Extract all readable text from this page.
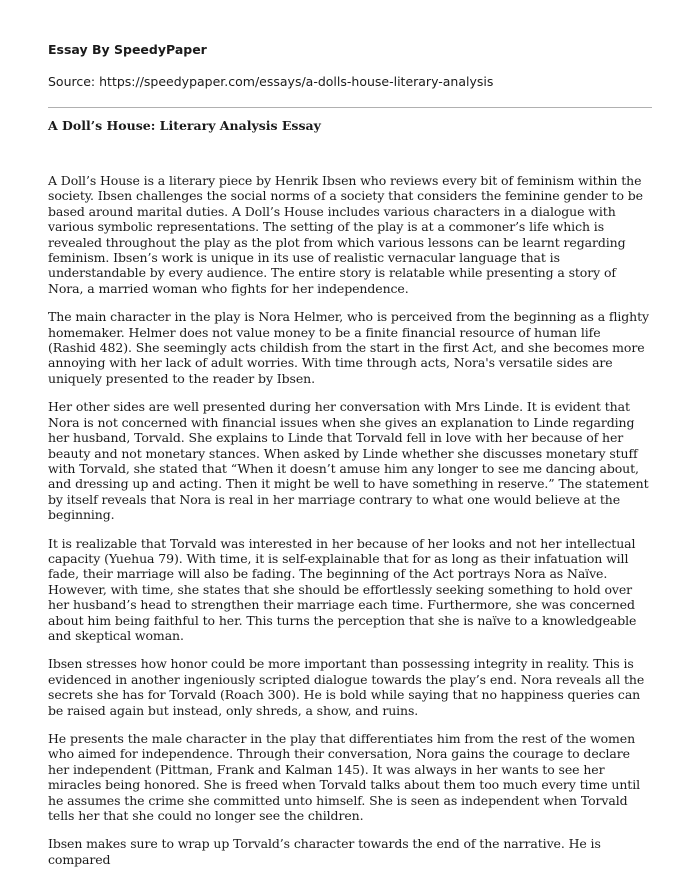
Essay By SpeedyPaper

Source: https://speedypaper.com/essays/a-dolls-house-literary-analysis

A Doll’s House: Literary Analysis Essay

A Doll’s House is a literary piece by Henrik Ibsen who reviews every bit of feminism within the society. Ibsen challenges the social norms of a society that considers the feminine gender to be based around marital duties. A Doll’s House includes various characters in a dialogue with various symbolic representations. The setting of the play is at a commoner’s life which is revealed throughout the play as the plot from which various lessons can be learnt regarding feminism. Ibsen’s work is unique in its use of realistic vernacular language that is understandable by every audience. The entire story is relatable while presenting a story of Nora, a married woman who fights for her independence.

The main character in the play is Nora Helmer, who is perceived from the beginning as a flighty homemaker. Helmer does not value money to be a finite financial resource of human life (Rashid 482). She seemingly acts childish from the start in the first Act, and she becomes more annoying with her lack of adult worries. With time through acts, Nora's versatile sides are uniquely presented to the reader by Ibsen.

Her other sides are well presented during her conversation with Mrs Linde. It is evident that Nora is not concerned with financial issues when she gives an explanation to Linde regarding her husband, Torvald. She explains to Linde that Torvald fell in love with her because of her beauty and not monetary stances. When asked by Linde whether she discusses monetary stuff with Torvald, she stated that “When it doesn’t amuse him any longer to see me dancing about, and dressing up and acting. Then it might be well to have something in reserve.” The statement by itself reveals that Nora is real in her marriage contrary to what one would believe at the beginning.

It is realizable that Torvald was interested in her because of her looks and not her intellectual capacity (Yuehua 79). With time, it is self-explainable that for as long as their infatuation will fade, their marriage will also be fading. The beginning of the Act portrays Nora as Naïve. However, with time, she states that she should be effortlessly seeking something to hold over her husband’s head to strengthen their marriage each time. Furthermore, she was concerned about him being faithful to her. This turns the perception that she is naïve to a knowledgeable and skeptical woman.

Ibsen stresses how honor could be more important than possessing integrity in reality. This is evidenced in another ingeniously scripted dialogue towards the play’s end. Nora reveals all the secrets she has for Torvald (Roach 300). He is bold while saying that no happiness queries can be raised again but instead, only shreds, a show, and ruins.

He presents the male character in the play that differentiates him from the rest of the women who aimed for independence. Through their conversation, Nora gains the courage to declare her independent (Pittman, Frank and Kalman 145). It was always in her wants to see her miracles being honored. She is freed when Torvald talks about them too much every time until he assumes the crime she committed unto himself. She is seen as independent when Torvald tells her that she could no longer see the children.

Ibsen makes sure to wrap up Torvald’s character towards the end of the narrative. He is compared
